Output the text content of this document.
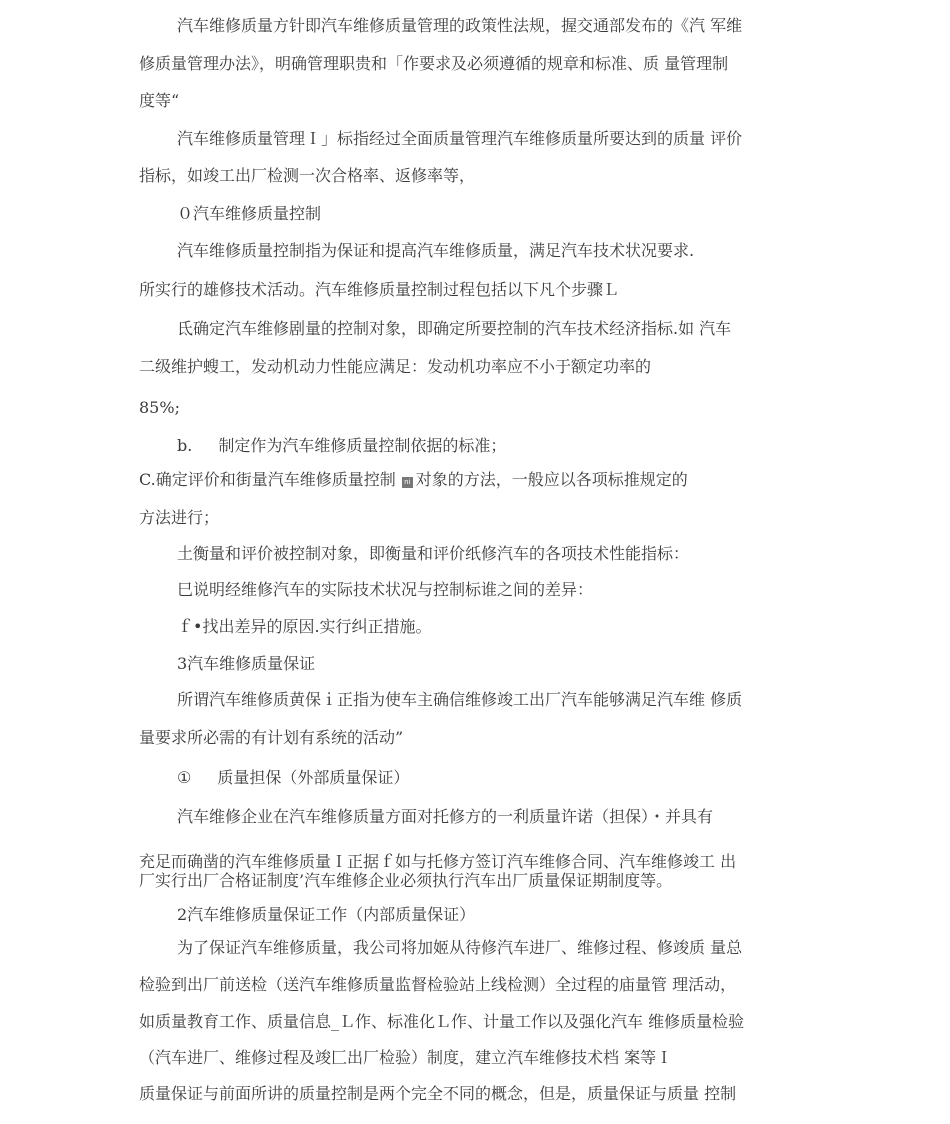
汽车维修质量方针即汽车维修质量管理的政策性法规，握交通部发布的《汽 军维
修质量管理办法》，明确管理职贵和「作要求及必须遵循的规章和标准、质 量管理制
度等“
汽车维修质量管理Ｉ」标指经过全面质量管理汽车维修质量所要达到的质量 评价
指标，如竣工出厂检测一次合格率、返修率等，
０汽车维修质量控制
汽车维修质量控制指为保证和提高汽车维修质量，满足汽车技术状况要求.
所实行的雄修技术活动。汽车维修质量控制过程包括以下凡个步骤Ｌ
氐确定汽车维修剧量的控制对象，即确定所要控制的汽车技术经济指标.如 汽车
二级维护螋工，发动机动力性能应满足：发动机功率应不小于额定功率的
85%;
b. 制定作为汽车维修质量控制依据的标准；
C.确定评价和街量汽车维修质量控制 ni 对象的方法，一般应以各项标推规定的
方法进行；
土衡量和评价被控制对象，即衡量和评价纸修汽车的各项技术性能指标：
巳说明经维修汽车的实际技术状况与控制标谁之间的差异：
ｆ•找出差异的原因.实行纠正措施。
3汽车维修质量保证
所谓汽车维修质黄保ｉ正指为使车主确信维修竣工出厂汽车能够满足汽车维 修质
量要求所必需的有计划有系统的活动”
① 质量担保（外部质量保证）
汽车维修企业在汽车维修质量方面对托修方的一利质量许诺（担保）・并具有
充足而确凿的汽车维修质量Ｉ正据ｆ如与托修方签订汽车维修合同、汽车维修竣工 出
厂实行出厂合格证制度’汽车维修企业必须执行汽车出厂质量保证期制度等。
2汽车维修质量保证工作（内部质量保证）
为了保证汽车维修质量，我公司将加姬从待修汽车进厂、维修过程、修竣质 量总
检验到出厂前送检（送汽车维修质量监督检验站上线检测）全过程的庙量管 理活动，
如质量教育工作、质量信息_Ｌ作、标准化Ｌ作、计量工作以及强化汽车 维修质量检验
（汽车进厂、维修过程及竣匚出厂检验）制度，建立汽车维修技术档 案等Ｉ
质量保证与前面所讲的质量控制是两个完全不同的概念，但是，质量保证与质量 控制
